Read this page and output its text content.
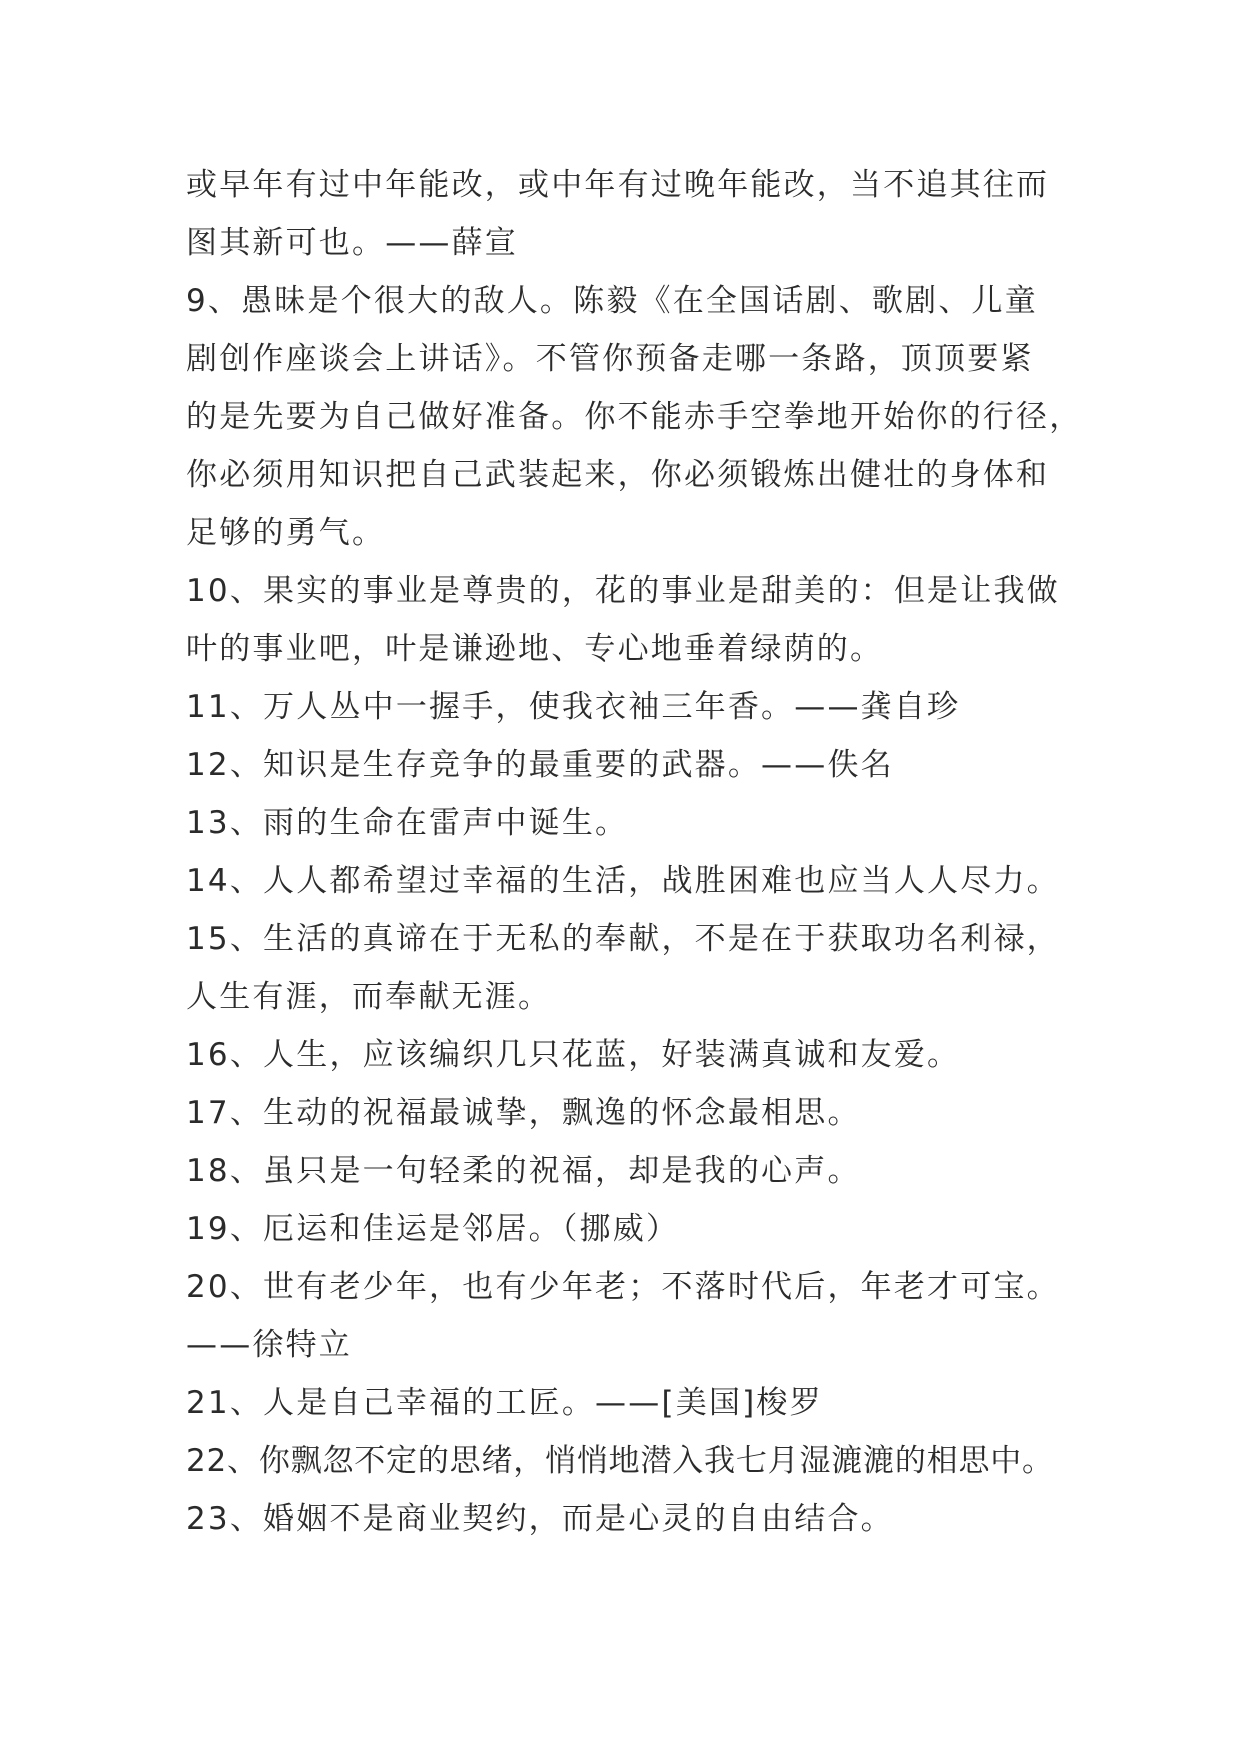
或早年有过中年能改，或中年有过晚年能改，当不追其往而
图其新可也。——薛宣
9、愚昧是个很大的敌人。陈毅《在全国话剧、歌剧、儿童
剧创作座谈会上讲话》。不管你预备走哪一条路，顶顶要紧
的是先要为自己做好准备。你不能赤手空拳地开始你的行径，
你必须用知识把自己武装起来，你必须锻炼出健壮的身体和
足够的勇气。
10、果实的事业是尊贵的，花的事业是甜美的：但是让我做
叶的事业吧，叶是谦逊地、专心地垂着绿荫的。
11、万人丛中一握手，使我衣袖三年香。——龚自珍
12、知识是生存竞争的最重要的武器。——佚名
13、雨的生命在雷声中诞生。
14、人人都希望过幸福的生活，战胜困难也应当人人尽力。
15、生活的真谛在于无私的奉献，不是在于获取功名利禄，
人生有涯，而奉献无涯。
16、人生，应该编织几只花蓝，好装满真诚和友爱。
17、生动的祝福最诚挚，飘逸的怀念最相思。
18、虽只是一句轻柔的祝福，却是我的心声。
19、厄运和佳运是邻居。（挪威）
20、世有老少年，也有少年老；不落时代后，年老才可宝。
——徐特立
21、人是自己幸福的工匠。——[美国]梭罗
22、你飘忽不定的思绪，悄悄地潜入我七月湿漉漉的相思中。
23、婚姻不是商业契约，而是心灵的自由结合。
